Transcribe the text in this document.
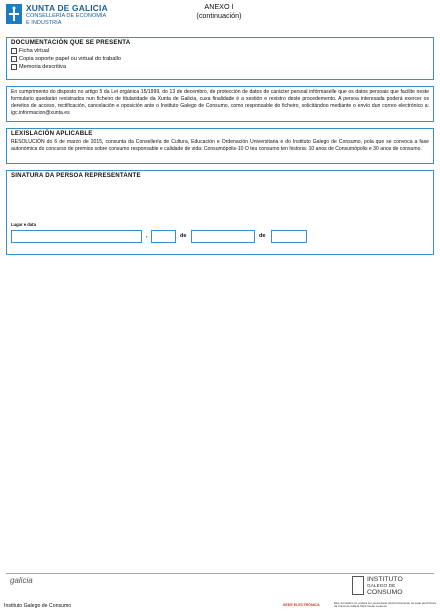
XUNTA DE GALICIA
CONSELLERÍA DE ECONOMÍA
E INDUSTRIA
ANEXO I
(continuación)
DOCUMENTACIÓN QUE SE PRESENTA
Ficha virtual
Copia soporte papel ou virtual do traballo
Memoria descritiva

En cumprimento do disposto no artigo 5 da Lei orgánica 15/1999, do 13 de decembro, de protección de datos de carácter persoal infórmaselle que os datos persoais que facilite neste formulario quedarán rexistrados nun ficheiro de titularidade da Xunta de Galicia, cuxa finalidade é a xestión e rexistro deste procedemento. A persoa interesada poderá exercer os dereitos de acceso, rectificación, cancelación e oposición ante o Instituto Galego de Consumo, como responsable do ficheiro, solicitándoo mediante o envío dun correo electrónico a: igc.informacion@xunta.es

LEXISLACIÓN APLICABLE

RESOLUCIÓN do 6 de marzo de 2015, conxunta da Consellería de Cultura, Educación e Ordenación Universitaria e do Instituto Galego de Consumo, pola que se convoca a fase autonómica do concurso de premios sobre consumo responsable e calidade de vida: Consumópolis-10 O teu consumo ten historia: 10 anos de Consumópolis e 30 anos de consumo.

SINATURA DA PERSOA REPRESENTANTE
Lugar e data
,	de	de
galicia	INSTITUTO
GALEGO DE
CONSUMO
Instituto Galego de Consumo	SEDE ELECTRÓNICA	Este formulario so poderá ser presentado electronicamente na sede electrónica da Xunta de Galicia https://sede.xunta.es
